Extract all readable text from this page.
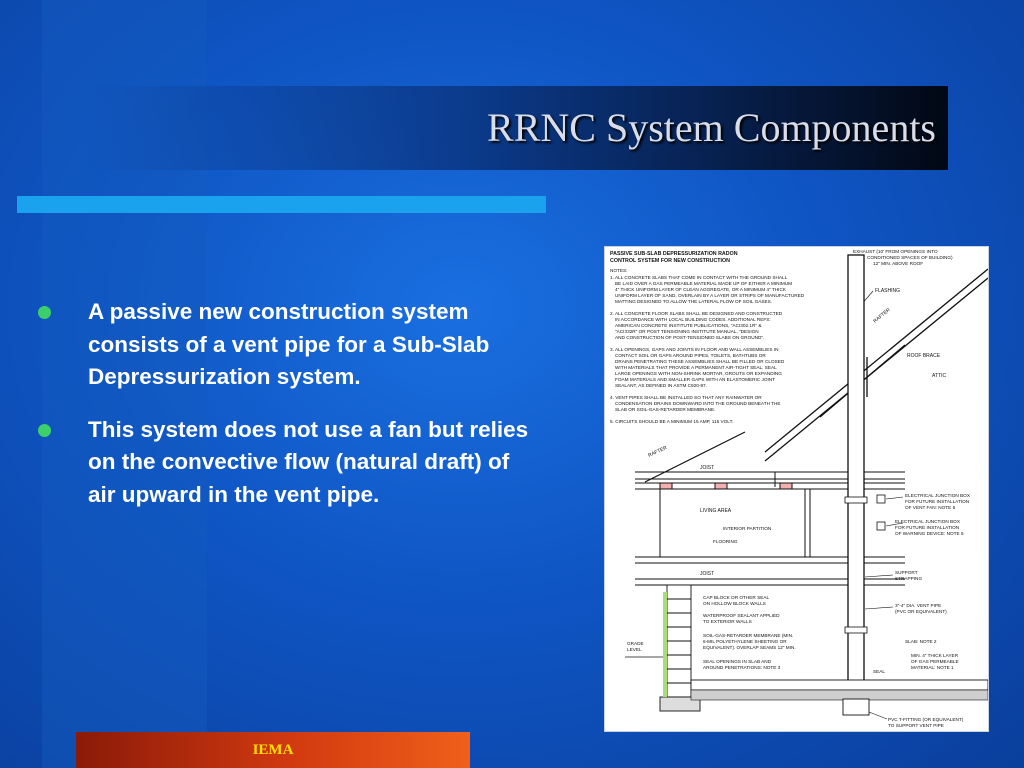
RRNC System Components
A passive new construction system consists of a vent pipe for a Sub-Slab Depressurization system.
This system does not use a fan but relies on the convective flow (natural draft) of air upward in the vent pipe.
PASSIVE SUB-SLAB DEPRESSURIZATION RADON
CONTROL SYSTEM FOR NEW CONSTRUCTION
NOTES:
1. ALL CONCRETE SLABS THAT COME IN CONTACT WITH THE GROUND SHALL
BE LAID OVER A GAS PERMEABLE MATERIAL MADE UP OF EITHER A MINIMUM
4" THICK UNIFORM LAYER OF CLEAN AGGREGATE, OR A MINIMUM 4" THICK
UNIFORM LAYER OF SAND, OVERLAIN BY A LAYER OR STRIPS OF MANUFACTURED
MATTING DESIGNED TO ALLOW THE LATERAL FLOW OF SOIL GASES.
2. ALL CONCRETE FLOOR SLABS SHALL BE DESIGNED AND CONSTRUCTED
IN ACCORDANCE WITH LOCAL BUILDING CODES. ADDITIONAL REFS:
AMERICAN CONCRETE INSTITUTE PUBLICATIONS, "ACI302.1R" &
"ACI332R" OR POST TENSIONING INSTITUTE MANUAL, "DESIGN
AND CONSTRUCTION OF POST-TENSIONED SLABS ON GROUND".
3. ALL OPENINGS, GAPS AND JOINTS IN FLOOR AND WALL ASSEMBLIES IN
CONTACT SOIL OR GAPS AROUND PIPES, TOILETS, BATHTUBS OR
DRAINS PENETRATING THESE ASSEMBLIES SHALL BE FILLED OR CLOSED
WITH MATERIALS THAT PROVIDE A PERMANENT AIR-TIGHT SEAL. SEAL
LARGE OPENINGS WITH NON-SHRINK MORTAR, GROUTS OR EXPANDING
FOAM MATERIALS AND SMALLER GAPS WITH AN ELASTOMERIC JOINT
SEALANT, AS DEFINED IN ASTM C920-87.
4. VENT PIPES SHALL BE INSTALLED SO THAT ANY RAINWATER OR
CONDENSATION DRAINS DOWNWARD INTO THE GROUND BENEATH THE
SLAB OR SOIL-GAS-RETARDER MEMBRANE.
5. CIRCUITS SHOULD BE A MINIMUM 15 AMP, 115 VOLT.
RAFTER
ROOF BRACE
ATTIC
FLASHING
EXHAUST (10' FROM OPENINGS INTO
CONDITIONED SPACES OF BUILDING)
12" MIN. ABOVE ROOF
RAFTER
JOIST
LIVING AREA
INTERIOR PARTITION
FLOORING
JOIST
ELECTRICAL JUNCTION BOX
FOR FUTURE INSTALLATION
OF VENT FAN: NOTE 5
ELECTRICAL JUNCTION BOX
FOR FUTURE INSTALLATION
OF WARNING DEVICE: NOTE 5
SUPPORT
STRAPPING
3"-4" DIA. VENT PIPE
(PVC OR EQUIVALENT)
GRADE
LEVEL
CAP BLOCK OR OTHER SEAL
ON HOLLOW BLOCK WALLS
WATERPROOF SEALANT APPLIED
TO EXTERIOR WALLS
SOIL-GAS-RETARDER MEMBRANE (MIN.
6-MIL POLYETHYLENE SHEETING OR
EQUIVALENT). OVERLAP SEAMS 12" MIN.
SEAL OPENINGS IN SLAB AND
AROUND PENETRATIONS: NOTE 3
SLAB: NOTE 2
MIN. 4" THICK LAYER
OF GAS PERMEABLE
MATERIAL: NOTE 1
SEAL
PVC T-FITTING (OR EQUIVALENT)
TO SUPPORT VENT PIPE
IEMA
